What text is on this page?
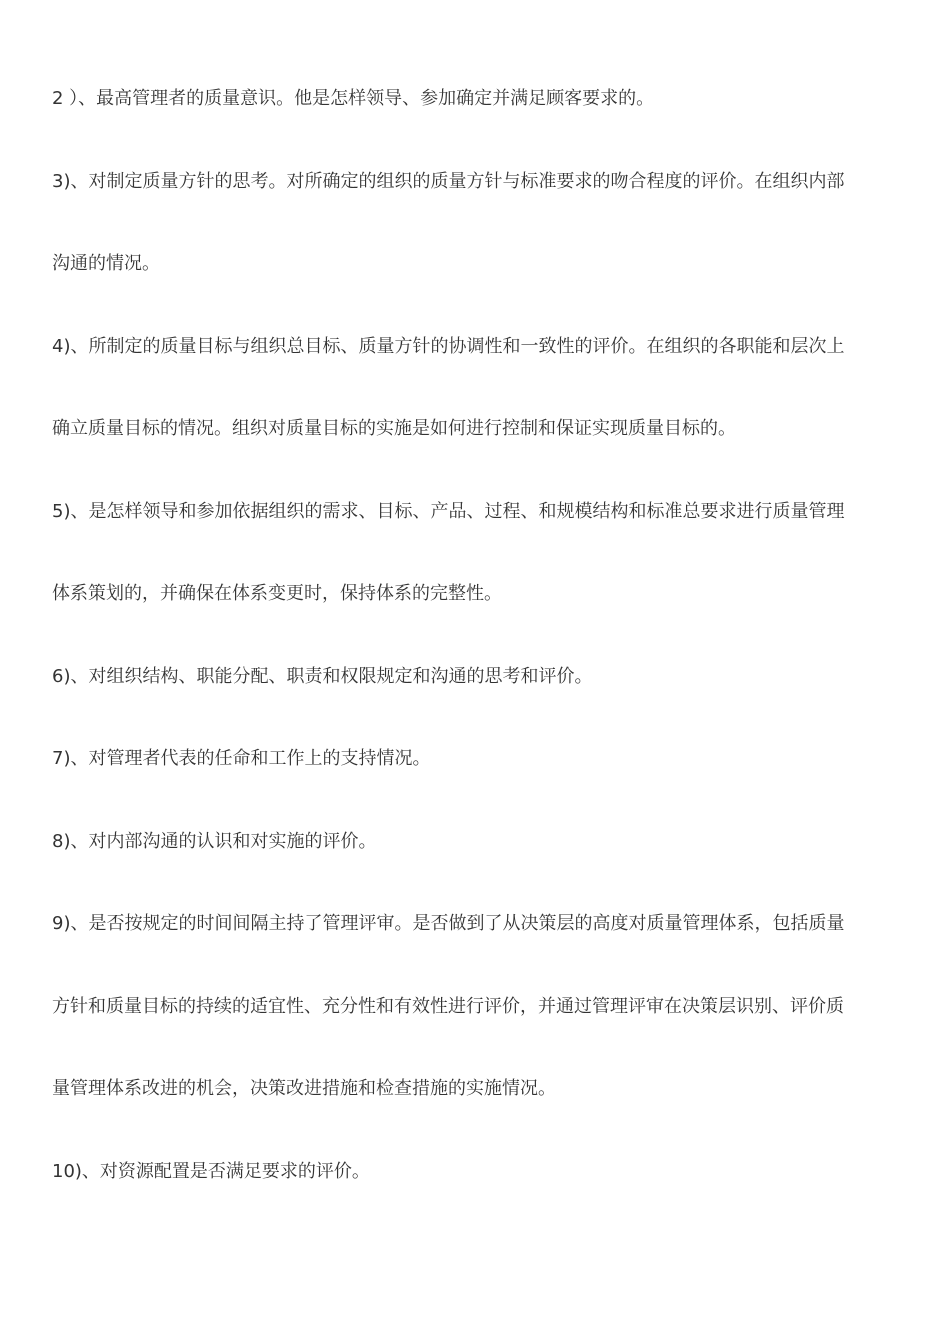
2 ）、最高管理者的质量意识。他是怎样领导、参加确定并满足顾客要求的。
3)、对制定质量方针的思考。对所确定的组织的质量方针与标准要求的吻合程度的评价。在组织内部
沟通的情况。
4)、所制定的质量目标与组织总目标、质量方针的协调性和一致性的评价。在组织的各职能和层次上
确立质量目标的情况。组织对质量目标的实施是如何进行控制和保证实现质量目标的。
5)、是怎样领导和参加依据组织的需求、目标、产品、过程、和规模结构和标准总要求进行质量管理
体系策划的，并确保在体系变更时，保持体系的完整性。
6)、对组织结构、职能分配、职责和权限规定和沟通的思考和评价。
7)、对管理者代表的任命和工作上的支持情况。
8)、对内部沟通的认识和对实施的评价。
9)、是否按规定的时间间隔主持了管理评审。是否做到了从决策层的高度对质量管理体系，包括质量
方针和质量目标的持续的适宜性、充分性和有效性进行评价，并通过管理评审在决策层识别、评价质
量管理体系改进的机会，决策改进措施和检查措施的实施情况。
10)、对资源配置是否满足要求的评价。
